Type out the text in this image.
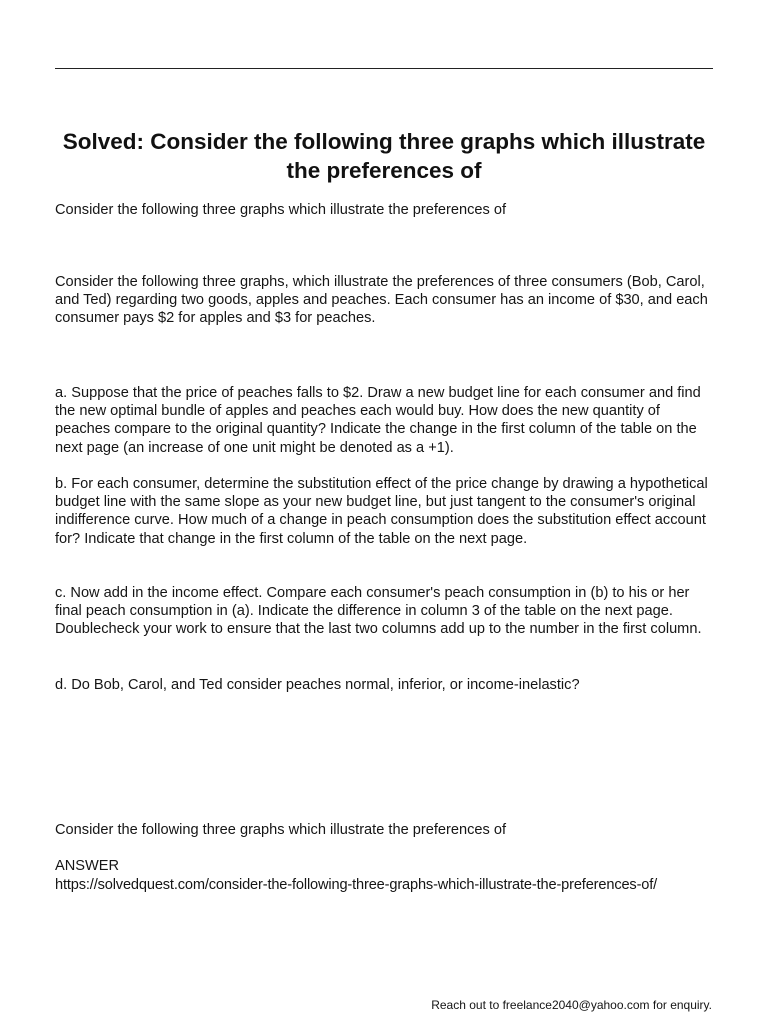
Solved: Consider the following three graphs which illustrate the preferences of

Consider the following three graphs which illustrate the preferences of

Consider the following three graphs, which illustrate the preferences of three consumers (Bob, Carol, and Ted) regarding two goods, apples and peaches. Each consumer has an income of $30, and each consumer pays $2 for apples and $3 for peaches.

a. Suppose that the price of peaches falls to $2. Draw a new budget line for each consumer and find the new optimal bundle of apples and peaches each would buy. How does the new quantity of peaches compare to the original quantity? Indicate the change in the first column of the table on the next page (an increase of one unit might be denoted as a +1).

b. For each consumer, determine the substitution effect of the price change by drawing a hypothetical budget line with the same slope as your new budget line, but just tangent to the consumer's original indifference curve. How much of a change in peach consumption does the substitution effect account for? Indicate that change in the first column of the table on the next page.

c. Now add in the income effect. Compare each consumer's peach consumption in (b) to his or her final peach consumption in (a). Indicate the difference in column 3 of the table on the next page. Doublecheck your work to ensure that the last two columns add up to the number in the first column.

d. Do Bob, Carol, and Ted consider peaches normal, inferior, or income-inelastic?

Consider the following three graphs which illustrate the preferences of

ANSWER

https://solvedquest.com/consider-the-following-three-graphs-which-illustrate-the-preferences-of/

Reach out to freelance2040@yahoo.com for enquiry.
